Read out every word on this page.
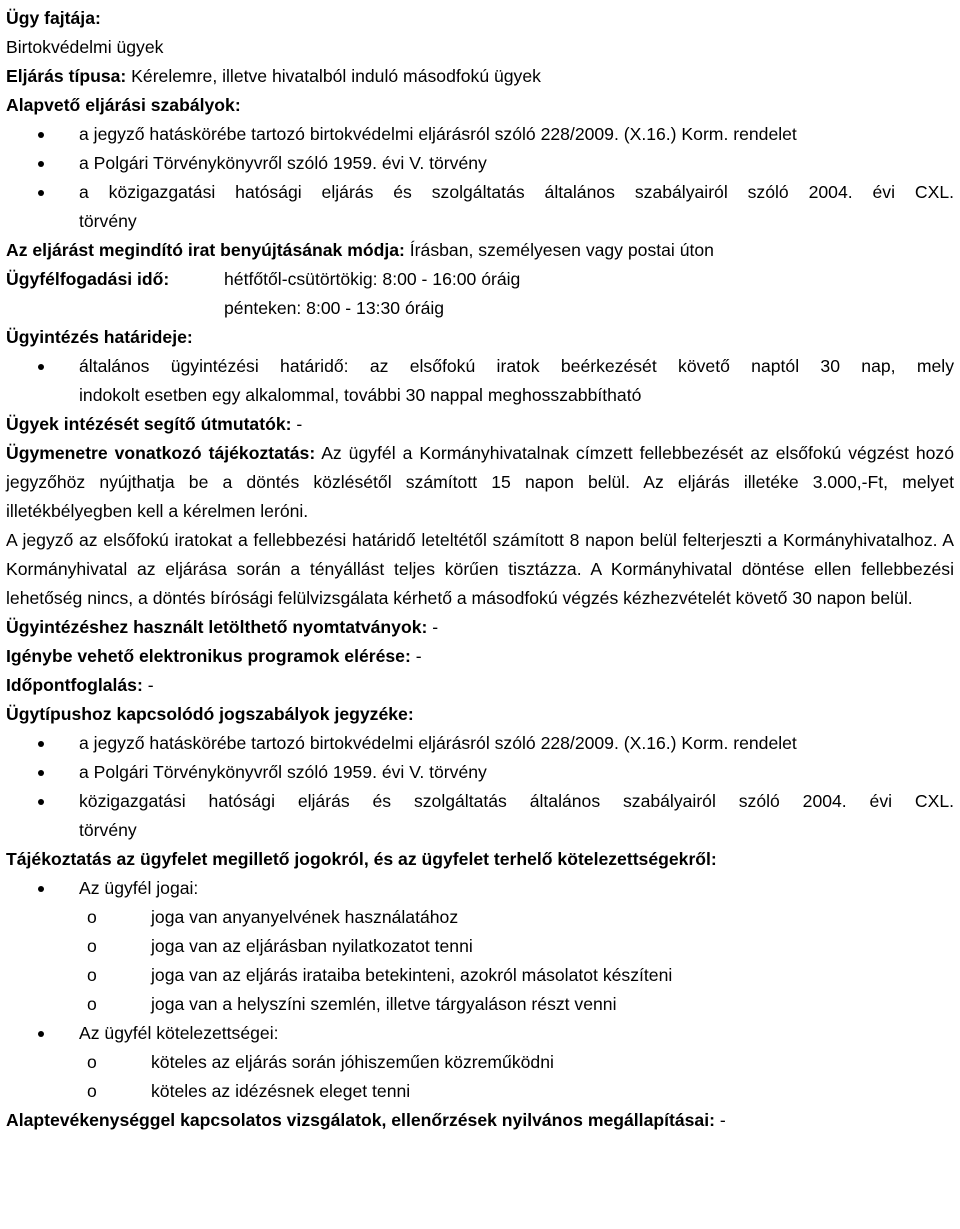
Ügy fajtája:
Birtokvédelmi ügyek
Eljárás típusa: Kérelemre, illetve hivatalból induló másodfokú ügyek
Alapvető eljárási szabályok:
a jegyző hatáskörébe tartozó birtokvédelmi eljárásról szóló 228/2009. (X.16.) Korm. rendelet
a Polgári Törvénykönyvről szóló 1959. évi V. törvény
a közigazgatási hatósági eljárás és szolgáltatás általános szabályairól szóló 2004. évi CXL.
törvény
Az eljárást megindító irat benyújtásának módja: Írásban, személyesen vagy postai úton
Ügyfélfogadási idő:	hétfőtől-csütörtökig: 8:00 - 16:00 óráig
pénteken: 8:00 - 13:30 óráig
Ügyintézés határideje:
általános ügyintézési határidő: az elsőfokú iratok beérkezését követő naptól 30 nap, mely
indokolt esetben egy alkalommal, további 30 nappal meghosszabbítható
Ügyek intézését segítő útmutatók: -
Ügymenetre vonatkozó tájékoztatás: Az ügyfél a Kormányhivatalnak címzett fellebbezését az elsőfokú végzést hozó jegyzőhöz nyújthatja be a döntés közlésétől számított 15 napon belül. Az eljárás illetéke 3.000,-Ft, melyet illetékbélyegben kell a kérelmen leróni.
A jegyző az elsőfokú iratokat a fellebbezési határidő leteltétől számított 8 napon belül felterjeszti a Kormányhivatalhoz. A Kormányhivatal az eljárása során a tényállást teljes körűen tisztázza. A Kormányhivatal döntése ellen fellebbezési lehetőség nincs, a döntés bírósági felülvizsgálata kérhető a másodfokú végzés kézhezvételét követő 30 napon belül.
Ügyintézéshez használt letölthető nyomtatványok: -
Igénybe vehető elektronikus programok elérése: -
Időpontfoglalás: -
Ügytípushoz kapcsolódó jogszabályok jegyzéke:
a jegyző hatáskörébe tartozó birtokvédelmi eljárásról szóló 228/2009. (X.16.) Korm. rendelet
a Polgári Törvénykönyvről szóló 1959. évi V. törvény
közigazgatási hatósági eljárás és szolgáltatás általános szabályairól szóló 2004. évi CXL.
törvény
Tájékoztatás az ügyfelet megillető jogokról, és az ügyfelet terhelő kötelezettségekről:
Az ügyfél jogai:
o	joga van anyanyelvének használatához
o	joga van az eljárásban nyilatkozatot tenni
o	joga van az eljárás irataiba betekinteni, azokról másolatot készíteni
o	joga van a helyszíni szemlén, illetve tárgyaláson részt venni
Az ügyfél kötelezettségei:
o	köteles az eljárás során jóhiszeműen közreműködni
o	köteles az idézésnek eleget tenni
Alaptevékenységgel kapcsolatos vizsgálatok, ellenőrzések nyilvános megállapításai: -
